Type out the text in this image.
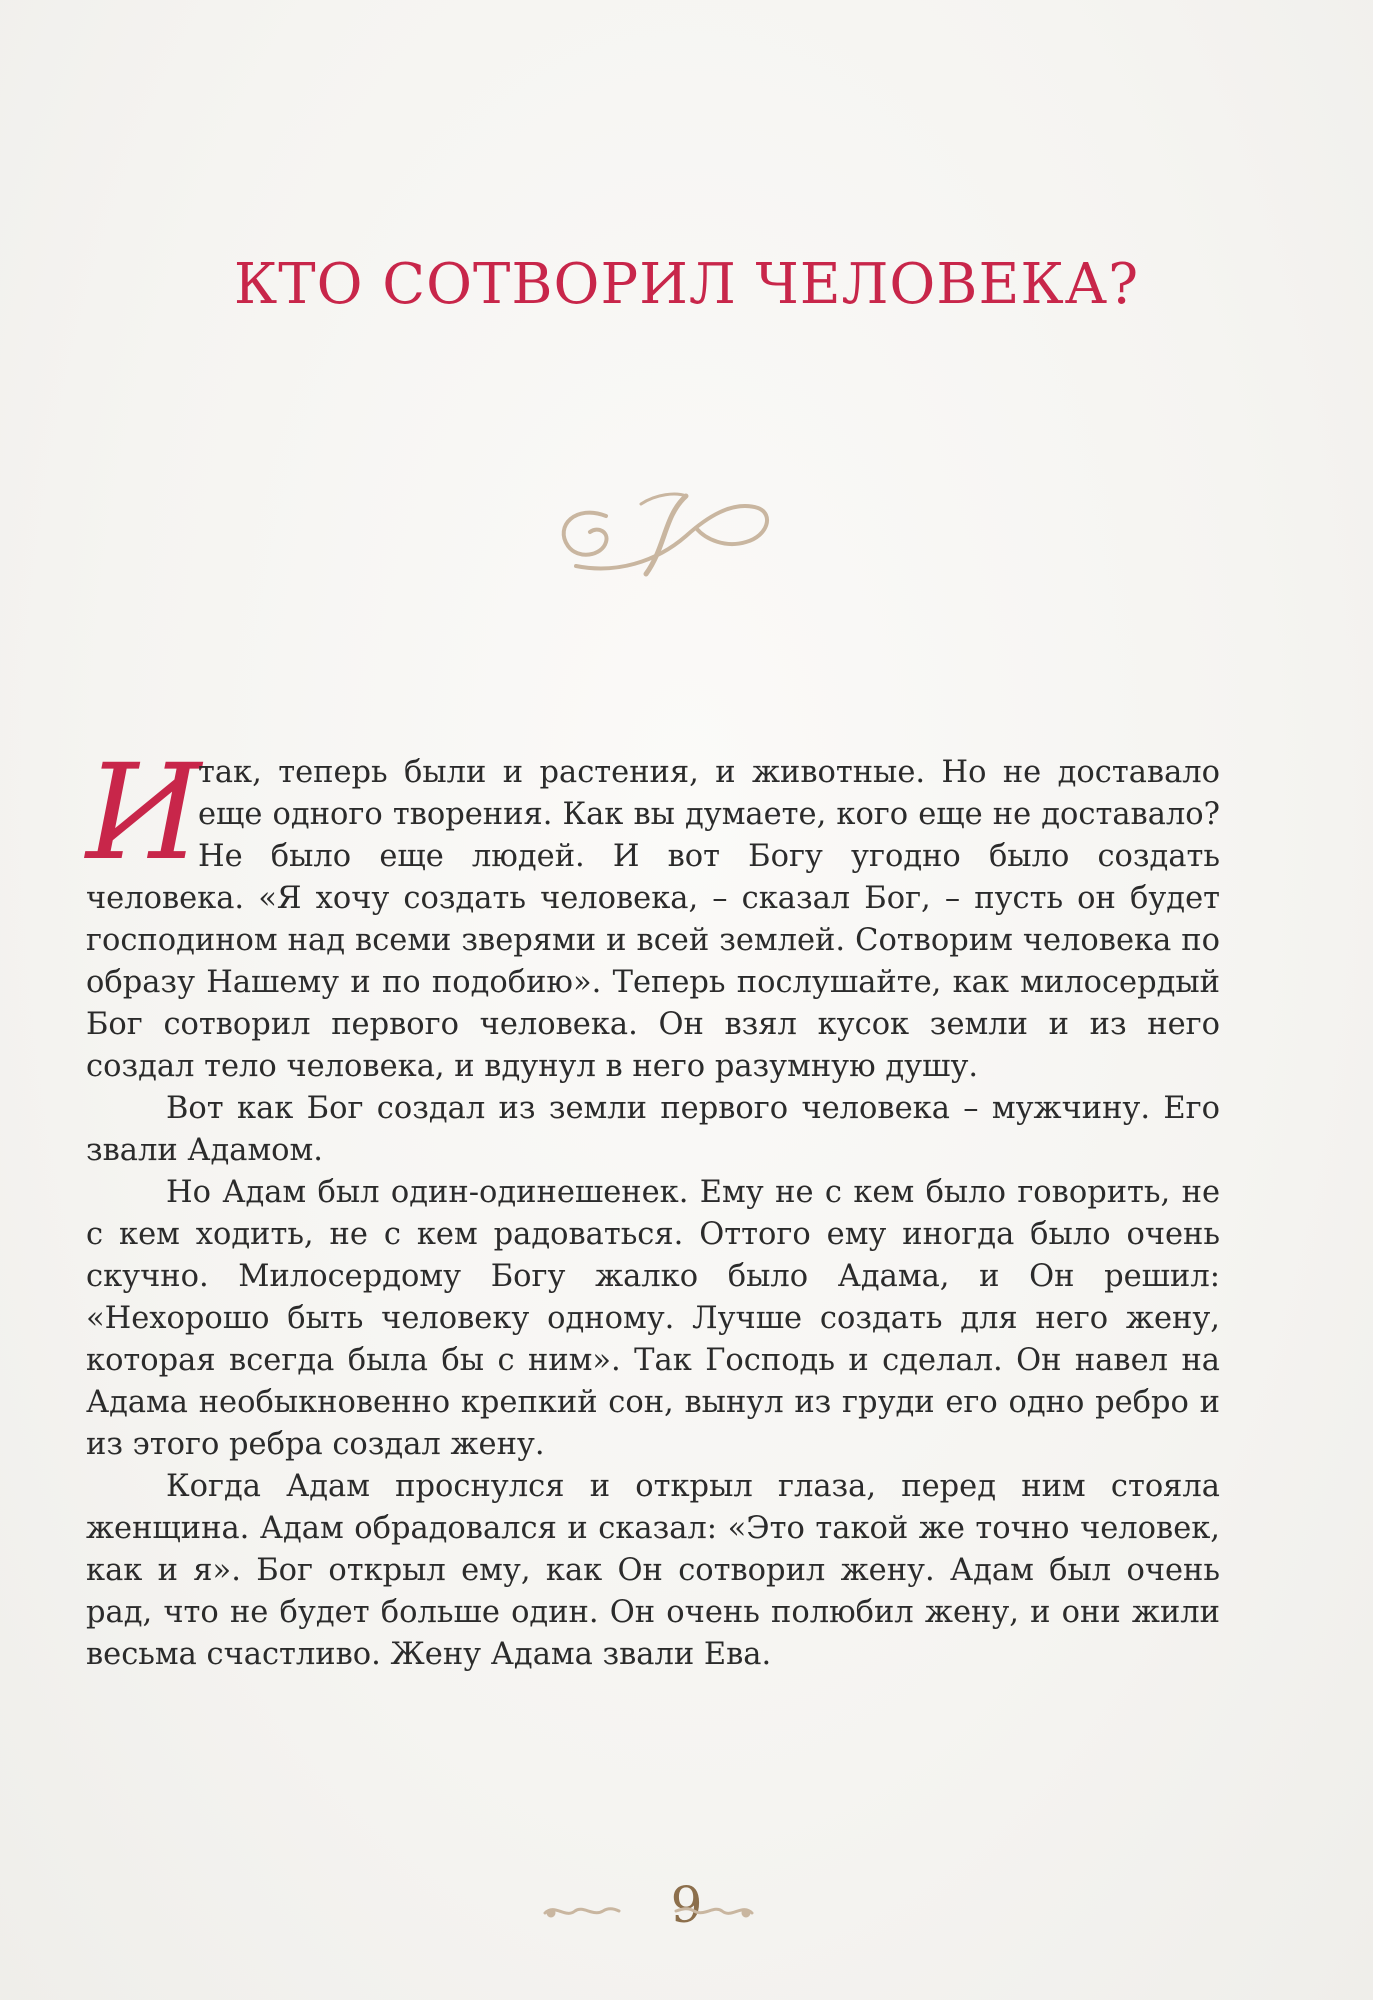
КТО СОТВОРИЛ ЧЕЛОВЕКА?

И
так, теперь были и растения, и животные. Но не доставало еще одного творения. Как вы думаете, кого еще не доставало? Не было еще людей. И вот Богу угодно было создать человека. «Я хочу создать человека, – сказал Бог, – пусть он будет господином над всеми зверями и всей землей. Сотворим человека по образу Нашему и по подобию». Теперь послушайте, как милосердый Бог сотворил первого человека. Он взял кусок земли и из него создал тело человека, и вдунул в него разумную душу.

Вот как Бог создал из земли первого человека – мужчину. Его звали Адамом.

Но Адам был один-одинешенек. Ему не с кем было говорить, не с кем ходить, не с кем радоваться. Оттого ему иногда было очень скучно. Милосердому Богу жалко было Адама, и Он решил: «Нехорошо быть человеку одному. Лучше создать для него жену, которая всегда была бы с ним». Так Господь и сделал. Он навел на Адама необыкновенно крепкий сон, вынул из груди его одно ребро и из этого ребра создал жену.

Когда Адам проснулся и открыл глаза, перед ним стояла женщина. Адам обрадовался и сказал: «Это такой же точно человек, как и я». Бог открыл ему, как Он сотворил жену. Адам был очень рад, что не будет больше один. Он очень полюбил жену, и они жили весьма счастливо. Жену Адама звали Ева.

9
